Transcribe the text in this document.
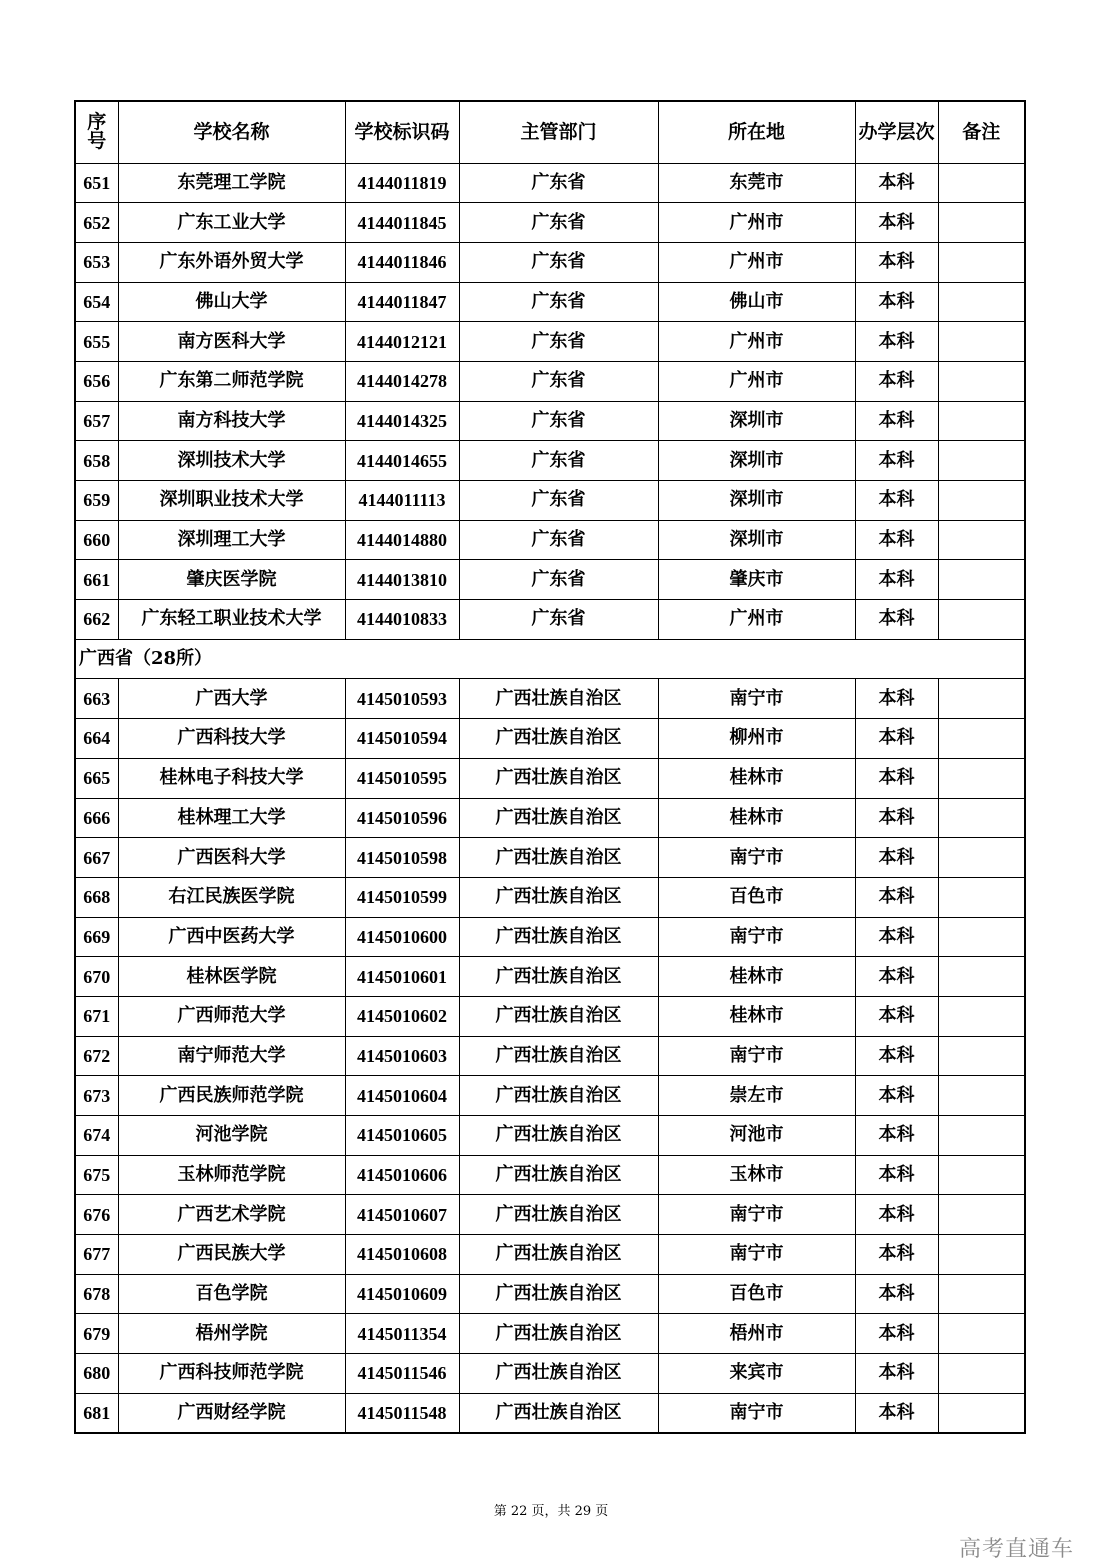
序号	学校名称	学校标识码	主管部门	所在地	办学层次	备注
651	东莞理工学院	4144011819	广东省	东莞市	本科	
652	广东工业大学	4144011845	广东省	广州市	本科	
653	广东外语外贸大学	4144011846	广东省	广州市	本科	
654	佛山大学	4144011847	广东省	佛山市	本科	
655	南方医科大学	4144012121	广东省	广州市	本科	
656	广东第二师范学院	4144014278	广东省	广州市	本科	
657	南方科技大学	4144014325	广东省	深圳市	本科	
658	深圳技术大学	4144014655	广东省	深圳市	本科	
659	深圳职业技术大学	4144011113	广东省	深圳市	本科	
660	深圳理工大学	4144014880	广东省	深圳市	本科	
661	肇庆医学院	4144013810	广东省	肇庆市	本科	
662	广东轻工职业技术大学	4144010833	广东省	广州市	本科	
广西省（28所）						
663	广西大学	4145010593	广西壮族自治区	南宁市	本科	
664	广西科技大学	4145010594	广西壮族自治区	柳州市	本科	
665	桂林电子科技大学	4145010595	广西壮族自治区	桂林市	本科	
666	桂林理工大学	4145010596	广西壮族自治区	桂林市	本科	
667	广西医科大学	4145010598	广西壮族自治区	南宁市	本科	
668	右江民族医学院	4145010599	广西壮族自治区	百色市	本科	
669	广西中医药大学	4145010600	广西壮族自治区	南宁市	本科	
670	桂林医学院	4145010601	广西壮族自治区	桂林市	本科	
671	广西师范大学	4145010602	广西壮族自治区	桂林市	本科	
672	南宁师范大学	4145010603	广西壮族自治区	南宁市	本科	
673	广西民族师范学院	4145010604	广西壮族自治区	崇左市	本科	
674	河池学院	4145010605	广西壮族自治区	河池市	本科	
675	玉林师范学院	4145010606	广西壮族自治区	玉林市	本科	
676	广西艺术学院	4145010607	广西壮族自治区	南宁市	本科	
677	广西民族大学	4145010608	广西壮族自治区	南宁市	本科	
678	百色学院	4145010609	广西壮族自治区	百色市	本科	
679	梧州学院	4145011354	广西壮族自治区	梧州市	本科	
680	广西科技师范学院	4145011546	广西壮族自治区	来宾市	本科	
681	广西财经学院	4145011548	广西壮族自治区	南宁市	本科	
第 22 页，共 29 页
高考直通车
